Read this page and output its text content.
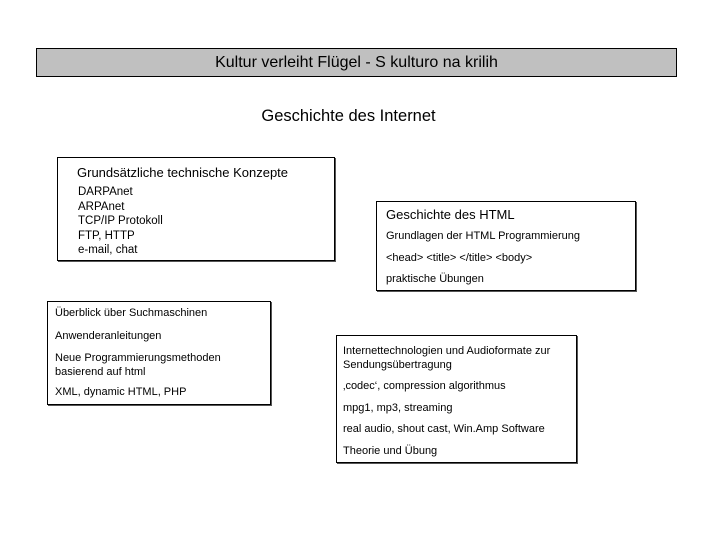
Kultur verleiht Flügel - S kulturo na krilih
Geschichte des Internet
Grundsätzliche technische Konzepte
DARPAnet
ARPAnet
TCP/IP Protokoll
FTP, HTTP
e-mail, chat
Geschichte des HTML
Grundlagen der HTML Programmierung
<head> <title> </title> <body>
praktische Übungen
Überblick über Suchmaschinen
Anwenderanleitungen
Neue Programmierungsmethoden basierend auf html
XML, dynamic HTML, PHP
Internettechnologien und Audioformate zur Sendungsübertragung
‚codec‘, compression algorithmus
mpg1, mp3, streaming
real audio, shout cast, Win.Amp Software
Theorie und Übung
